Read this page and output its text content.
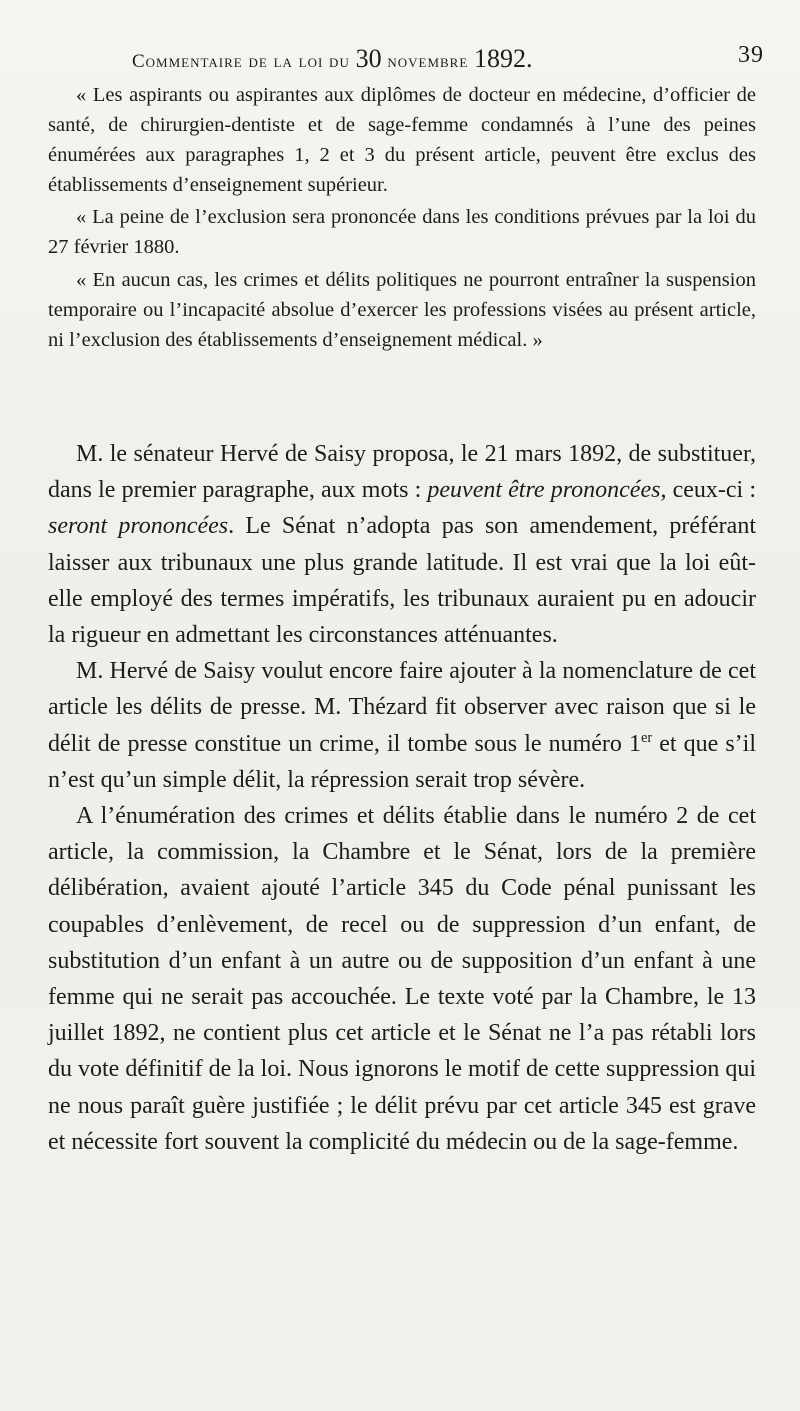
Commentaire de la loi du 30 novembre 1892.	39

« Les aspirants ou aspirantes aux diplômes de docteur en médecine, d’officier de santé, de chirurgien-dentiste et de sage-femme condamnés à l’une des peines énumérées aux paragraphes 1, 2 et 3 du présent article, peuvent être exclus des établissements d’enseignement supérieur.

« La peine de l’exclusion sera prononcée dans les conditions prévues par la loi du 27 février 1880.

« En aucun cas, les crimes et délits politiques ne pourront entraîner la suspension temporaire ou l’incapacité absolue d’exercer les professions visées au présent article, ni l’exclusion des établissements d’enseignement médical. »

M. le sénateur Hervé de Saisy proposa, le 21 mars 1892, de substituer, dans le premier paragraphe, aux mots : peuvent être prononcées, ceux-ci : seront prononcées. Le Sénat n’adopta pas son amendement, préférant laisser aux tribunaux une plus grande latitude. Il est vrai que la loi eût-elle employé des termes impératifs, les tribunaux auraient pu en adoucir la rigueur en admettant les circonstances atténuantes.

M. Hervé de Saisy voulut encore faire ajouter à la nomenclature de cet article les délits de presse. M. Thézard fit observer avec raison que si le délit de presse constitue un crime, il tombe sous le numéro 1er et que s’il n’est qu’un simple délit, la répression serait trop sévère.

A l’énumération des crimes et délits établie dans le numéro 2 de cet article, la commission, la Chambre et le Sénat, lors de la première délibération, avaient ajouté l’article 345 du Code pénal punissant les coupables d’enlèvement, de recel ou de suppression d’un enfant, de substitution d’un enfant à un autre ou de supposition d’un enfant à une femme qui ne serait pas accouchée. Le texte voté par la Chambre, le 13 juillet 1892, ne contient plus cet article et le Sénat ne l’a pas rétabli lors du vote définitif de la loi. Nous ignorons le motif de cette suppression qui ne nous paraît guère justifiée ; le délit prévu par cet article 345 est grave et nécessite fort souvent la complicité du médecin ou de la sage-femme.
